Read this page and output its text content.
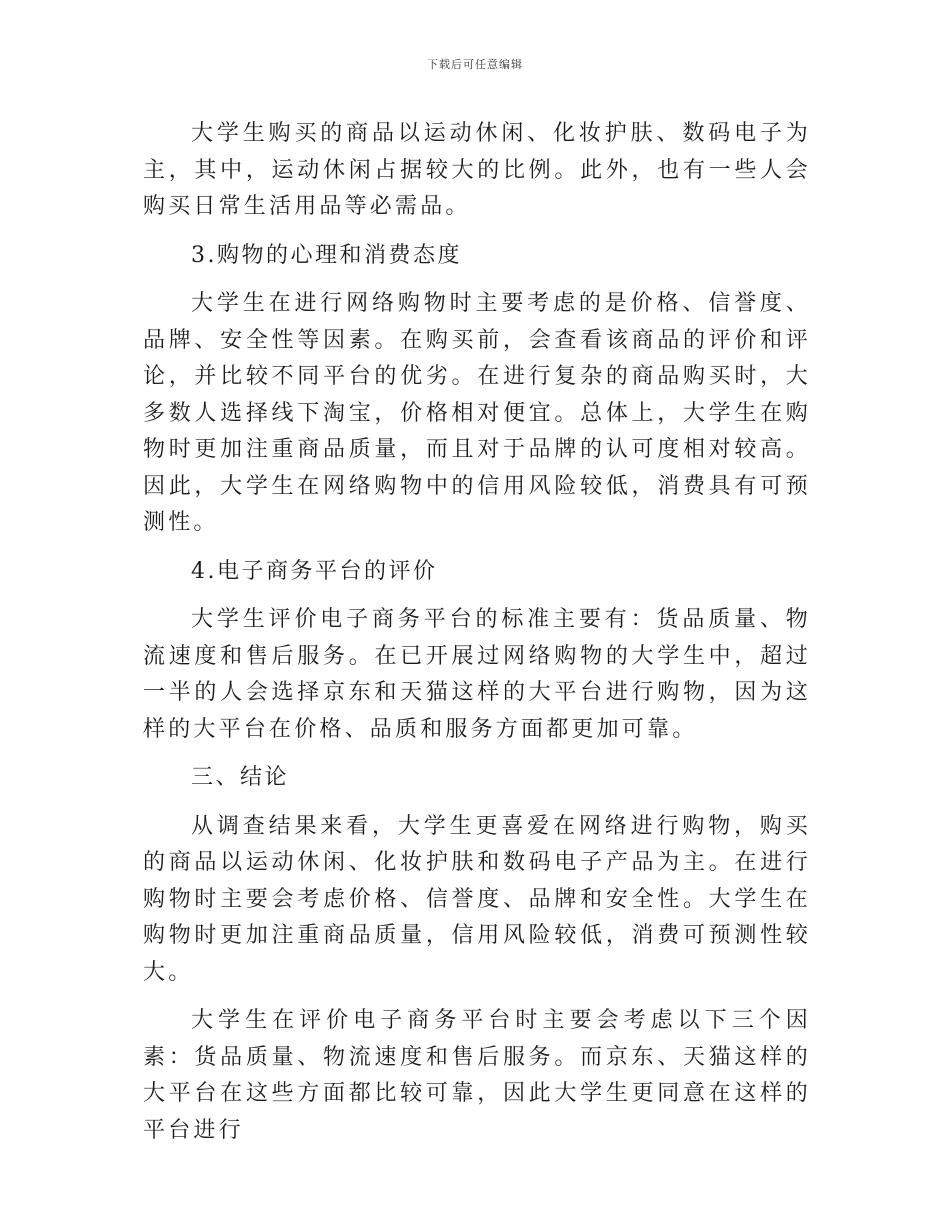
下载后可任意编辑

大学生购买的商品以运动休闲、化妆护肤、数码电子为主，其中，运动休闲占据较大的比例。此外，也有一些人会购买日常生活用品等必需品。

3.购物的心理和消费态度

大学生在进行网络购物时主要考虑的是价格、信誉度、品牌、安全性等因素。在购买前，会查看该商品的评价和评论，并比较不同平台的优劣。在进行复杂的商品购买时，大多数人选择线下淘宝，价格相对便宜。总体上，大学生在购物时更加注重商品质量，而且对于品牌的认可度相对较高。因此，大学生在网络购物中的信用风险较低，消费具有可预测性。

4.电子商务平台的评价

大学生评价电子商务平台的标准主要有：货品质量、物流速度和售后服务。在已开展过网络购物的大学生中，超过一半的人会选择京东和天猫这样的大平台进行购物，因为这样的大平台在价格、品质和服务方面都更加可靠。

三、结论

从调查结果来看，大学生更喜爱在网络进行购物，购买的商品以运动休闲、化妆护肤和数码电子产品为主。在进行购物时主要会考虑价格、信誉度、品牌和安全性。大学生在购物时更加注重商品质量，信用风险较低，消费可预测性较大。

大学生在评价电子商务平台时主要会考虑以下三个因素：货品质量、物流速度和售后服务。而京东、天猫这样的大平台在这些方面都比较可靠，因此大学生更同意在这样的平台进行
